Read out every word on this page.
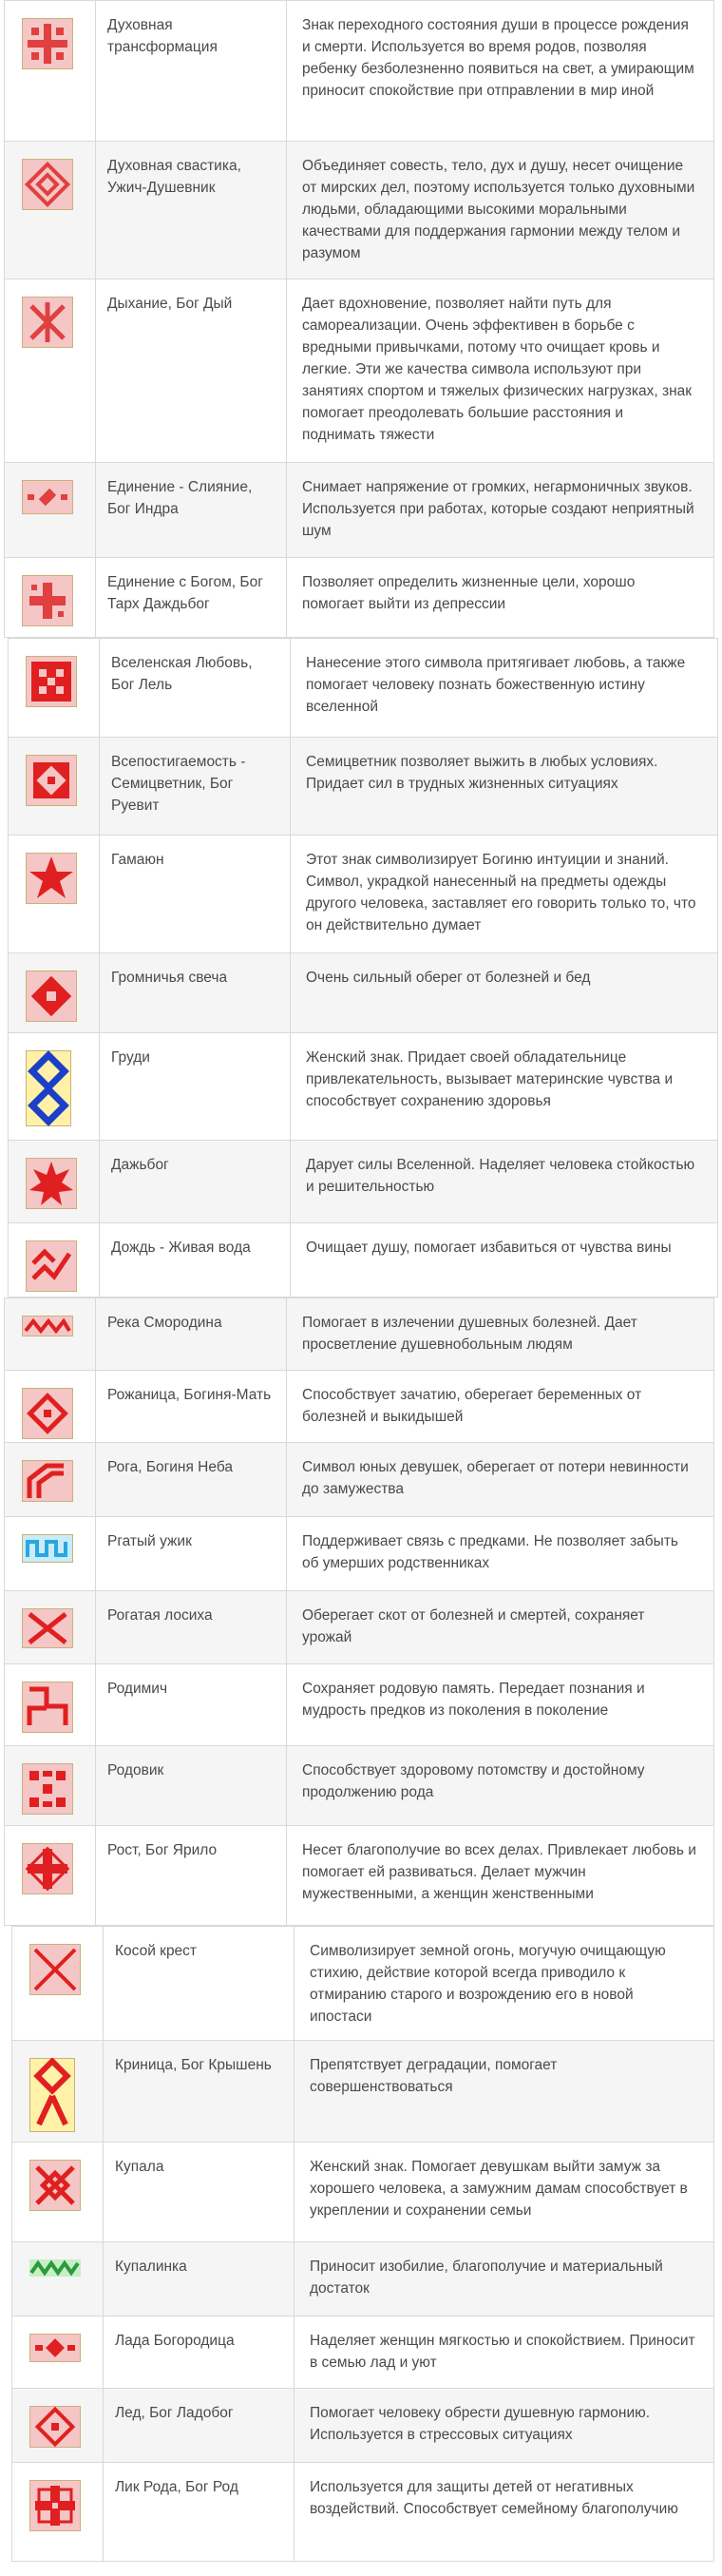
Духовная трансформация	Знак переходного состояния души в процессе рождения и смерти. Используется во время родов, позволяя ребенку безболезненно появиться на свет, а умирающим приносит спокойствие при отправлении в мир иной

Духовная свастика, Ужич-Душевник	Объединяет совесть, тело, дух и душу, несет очищение от мирских дел, поэтому используется только духовными людьми, обладающими высокими моральными качествами для поддержания гармонии между телом и разумом

Дыхание, Бог Дый	Дает вдохновение, позволяет найти путь для самореализации. Очень эффективен в борьбе с вредными привычками, потому что очищает кровь и легкие. Эти же качества символа используют при занятиях спортом и тяжелых физических нагрузках, знак помогает преодолевать большие расстояния и поднимать тяжести

Единение - Слияние, Бог Индра	Снимает напряжение от громких, негармоничных звуков. Используется при работах, которые создают неприятный шум

Единение с Богом, Бог Тарх Даждьбог	Позволяет определить жизненные цели, хорошо помогает выйти из депрессии

Вселенская Любовь, Бог Лель	Нанесение этого символа притягивает любовь, а также помогает человеку познать божественную истину вселенной

Всепостигаемость - Семицветник, Бог Руевит	Семицветник позволяет выжить в любых условиях. Придает сил в трудных жизненных ситуациях

Гамаюн	Этот знак символизирует Богиню интуиции и знаний. Символ, украдкой нанесенный на предметы одежды другого человека, заставляет его говорить только то, что он действительно думает

Громничья свеча	Очень сильный оберег от болезней и бед

Груди	Женский знак. Придает своей обладательнице привлекательность, вызывает материнские чувства и способствует сохранению здоровья

Дажьбог	Дарует силы Вселенной. Наделяет человека стойкостью и решительностью

Дождь - Живая вода	Очищает душу, помогает избавиться от чувства вины

Река Смородина	Помогает в излечении душевных болезней. Дает просветление душевнобольным людям

Рожаница, Богиня-Мать	Способствует зачатию, оберегает беременных от болезней и выкидышей

Рога, Богиня Неба	Символ юных девушек, оберегает от потери невинности до замужества

Ргатый ужик	Поддерживает связь с предками. Не позволяет забыть об умерших родственниках

Рогатая лосиха	Оберегает скот от болезней и смертей, сохраняет урожай

Родимич	Сохраняет родовую память. Передает познания и мудрость предков из поколения в поколение

Родовик	Способствует здоровому потомству и достойному продолжению рода

Рост, Бог Ярило	Несет благополучие во всех делах. Привлекает любовь и помогает ей развиваться. Делает мужчин мужественными, а женщин женственными

Косой крест	Символизирует земной огонь, могучую очищающую стихию, действие которой всегда приводило к отмиранию старого и возрождению его в новой ипостаси

Криница, Бог Крышень	Препятствует деградации, помогает совершенствоваться

Купала	Женский знак. Помогает девушкам выйти замуж за хорошего человека, а замужним дамам способствует в укреплении и сохранении семьи

Купалинка	Приносит изобилие, благополучие и материальный достаток

Лада Богородица	Наделяет женщин мягкостью и спокойствием. Приносит в семью лад и уют

Лед, Бог Ладобог	Помогает человеку обрести душевную гармонию. Используется в стрессовых ситуациях

Лик Рода, Бог Род	Используется для защиты детей от негативных воздействий. Способствует семейному благополучию
